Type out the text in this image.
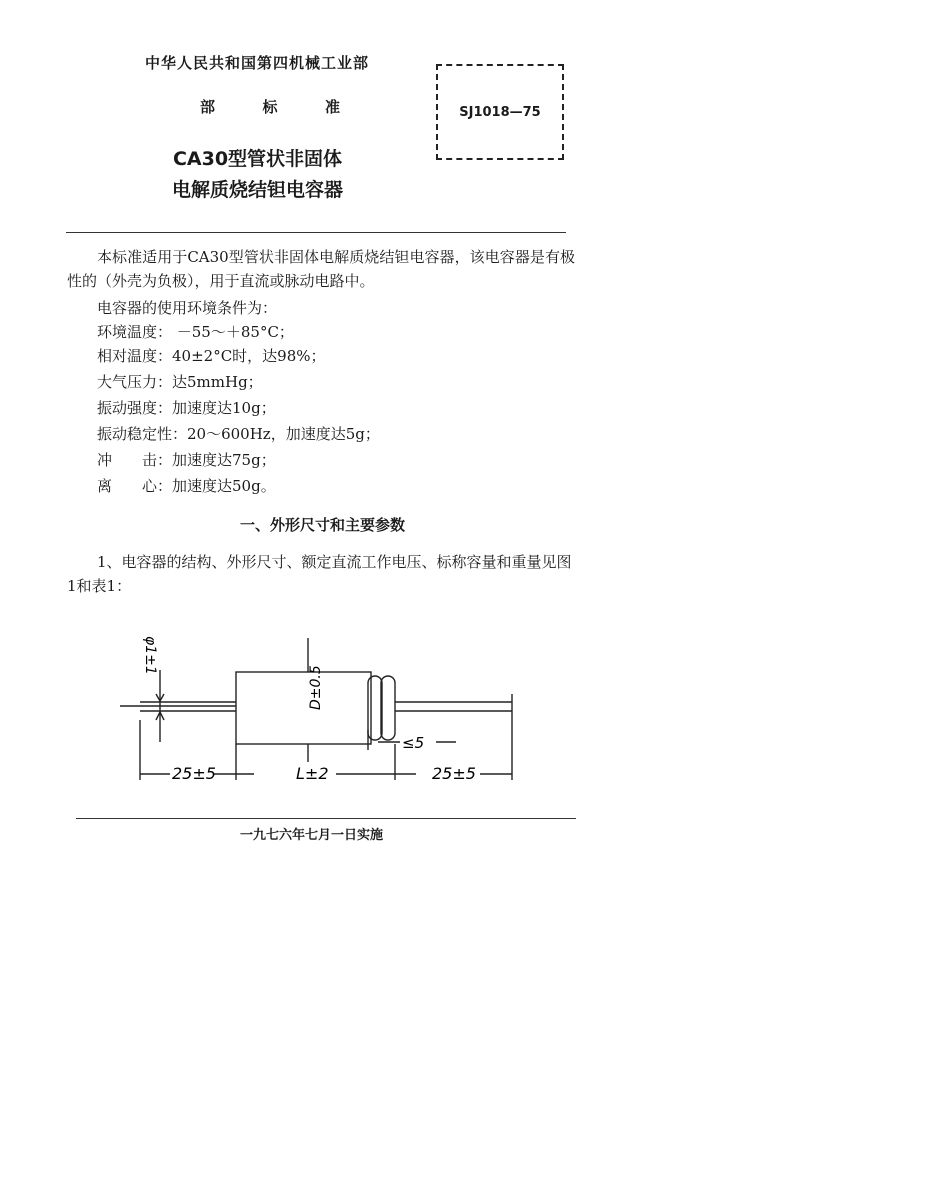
中华人民共和国第四机械工业部
部	标	准	SJ1018—75
CA30型管状非固体
电解质烧结钽电容器
本标准适用于CA30型管状非固体电解质烧结钽电容器，该电容器是有极性的（外壳为负极），用于直流或脉动电路中。
电容器的使用环境条件为：
环境温度： －55～＋85°C；
相对温度：40±2°C时，达98%；
大气压力：达5mmHg；
振动强度：加速度达10g；
振动稳定性：20～600Hz，加速度达5g；
冲　　击：加速度达75g；
离　　心：加速度达50g。
一、外形尺寸和主要参数
1、电容器的结构、外形尺寸、额定直流工作电压、标称容量和重量见图1和表1：
φ1±1
D±0.5
25±5	L±2	25±5
≤5
一九七六年七月一日实施
